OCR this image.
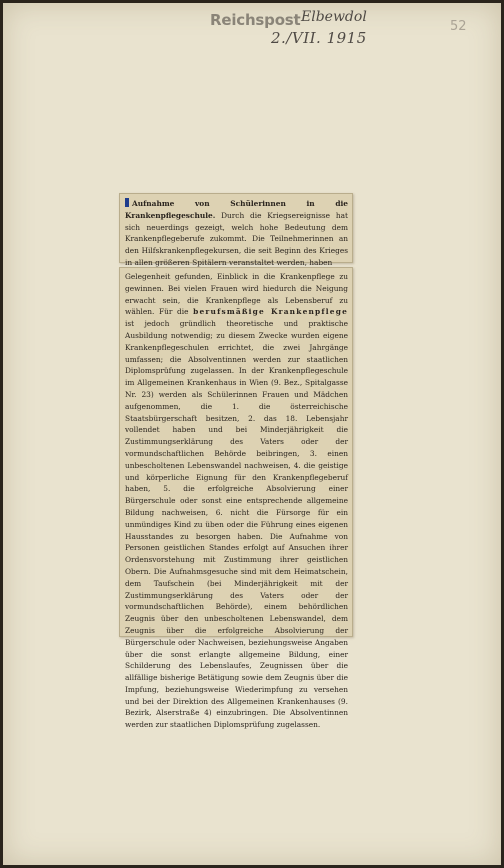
Reichspost Elbewdol
2./VII. 1915
52

Aufnahme von Schülerinnen in die Krankenpflegeschule. Durch die Kriegsereignisse hat sich neuerdings gezeigt, welch hohe Bedeutung dem Krankenpflegeberufe zukommt. Die Teilnehmerinnen an den Hilfskrankenpflegekursen, die seit Beginn des Krieges in allen größeren Spitälern veranstaltet werden, haben

Gelegenheit gefunden, Einblick in die Krankenpflege zu gewinnen. Bei vielen Frauen wird hiedurch die Neigung erwacht sein, die Krankenpflege als Lebensberuf zu wählen. Für die berufsmäßige Krankenpflege ist jedoch gründlich theoretische und praktische Ausbildung notwendig; zu diesem Zwecke wurden eigene Krankenpflegeschulen errichtet, die zwei Jahrgänge umfassen; die Absolventinnen werden zur staatlichen Diplomsprüfung zugelassen. In der Krankenpflegeschule im Allgemeinen Krankenhaus in Wien (9. Bez., Spitalgasse Nr. 23) werden als Schülerinnen Frauen und Mädchen aufgenommen, die 1. die österreichische Staatsbürgerschaft besitzen, 2. das 18. Lebensjahr vollendet haben und bei Minderjährigkeit die Zustimmungserklärung des Vaters oder der vormundschaftlichen Behörde beibringen, 3. einen unbescholtenen Lebenswandel nachweisen, 4. die geistige und körperliche Eignung für den Krankenpflegeberuf haben, 5. die erfolgreiche Absolvierung einer Bürgerschule oder sonst eine entsprechende allgemeine Bildung nachweisen, 6. nicht die Fürsorge für ein unmündiges Kind zu üben oder die Führung eines eigenen Hausstandes zu besorgen haben. Die Aufnahme von Personen geistlichen Standes erfolgt auf Ansuchen ihrer Ordensvorstehung mit Zustimmung ihrer geistlichen Obern. Die Aufnahmsgesuche sind mit dem Heimatschein, dem Taufschein (bei Minderjährigkeit mit der Zustimmungserklärung des Vaters oder der vormundschaftlichen Behörde), einem behördlichen Zeugnis über den unbescholtenen Lebenswandel, dem Zeugnis über die erfolgreiche Absolvierung der Bürgerschule oder Nachweisen, beziehungsweise Angaben über die sonst erlangte allgemeine Bildung, einer Schilderung des Lebenslaufes, Zeugnissen über die allfällige bisherige Betätigung sowie dem Zeugnis über die Impfung, beziehungsweise Wiederimpfung zu versehen und bei der Direktion des Allgemeinen Krankenhauses (9. Bezirk, Alserstraße 4) einzubringen. Die Absolventinnen werden zur staatlichen Diplomsprüfung zugelassen.
